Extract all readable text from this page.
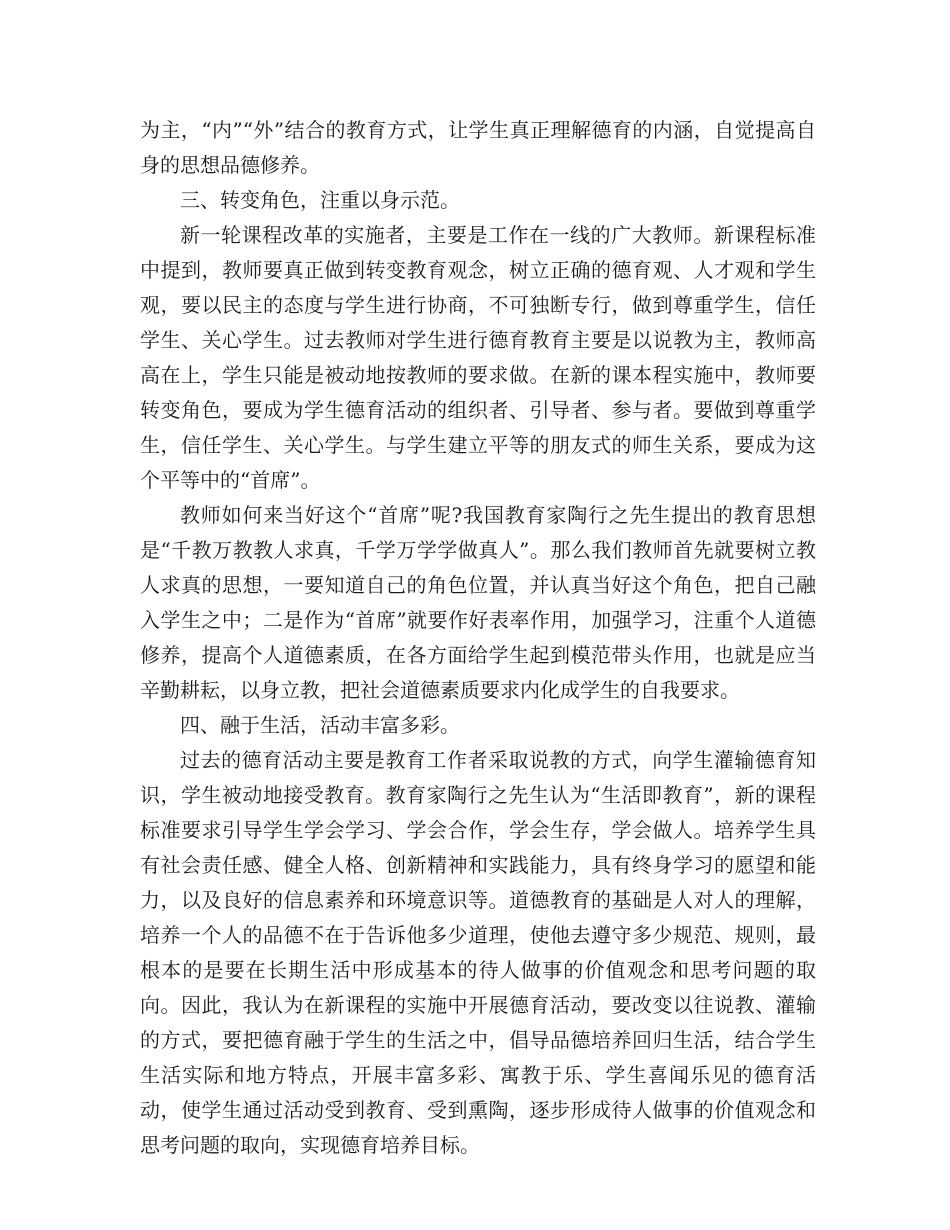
为主，“内”“外”结合的教育方式，让学生真正理解德育的内涵，自觉提高自身的思想品德修养。

三、转变角色，注重以身示范。

新一轮课程改革的实施者，主要是工作在一线的广大教师。新课程标准中提到，教师要真正做到转变教育观念，树立正确的德育观、人才观和学生观，要以民主的态度与学生进行协商，不可独断专行，做到尊重学生，信任学生、关心学生。过去教师对学生进行德育教育主要是以说教为主，教师高高在上，学生只能是被动地按教师的要求做。在新的课本程实施中，教师要转变角色，要成为学生德育活动的组织者、引导者、参与者。要做到尊重学生，信任学生、关心学生。与学生建立平等的朋友式的师生关系，要成为这个平等中的“首席”。

教师如何来当好这个“首席”呢?我国教育家陶行之先生提出的教育思想是“千教万教教人求真，千学万学学做真人”。那么我们教师首先就要树立教人求真的思想，一要知道自己的角色位置，并认真当好这个角色，把自己融入学生之中；二是作为“首席”就要作好表率作用，加强学习，注重个人道德修养，提高个人道德素质，在各方面给学生起到模范带头作用，也就是应当辛勤耕耘，以身立教，把社会道德素质要求内化成学生的自我要求。

四、融于生活，活动丰富多彩。

过去的德育活动主要是教育工作者采取说教的方式，向学生灌输德育知识，学生被动地接受教育。教育家陶行之先生认为“生活即教育”，新的课程标准要求引导学生学会学习、学会合作，学会生存，学会做人。培养学生具有社会责任感、健全人格、创新精神和实践能力，具有终身学习的愿望和能力，以及良好的信息素养和环境意识等。道德教育的基础是人对人的理解，培养一个人的品德不在于告诉他多少道理，使他去遵守多少规范、规则，最根本的是要在长期生活中形成基本的待人做事的价值观念和思考问题的取向。因此，我认为在新课程的实施中开展德育活动，要改变以往说教、灌输的方式，要把德育融于学生的生活之中，倡导品德培养回归生活，结合学生生活实际和地方特点，开展丰富多彩、寓教于乐、学生喜闻乐见的德育活动，使学生通过活动受到教育、受到熏陶，逐步形成待人做事的价值观念和思考问题的取向，实现德育培养目标。
